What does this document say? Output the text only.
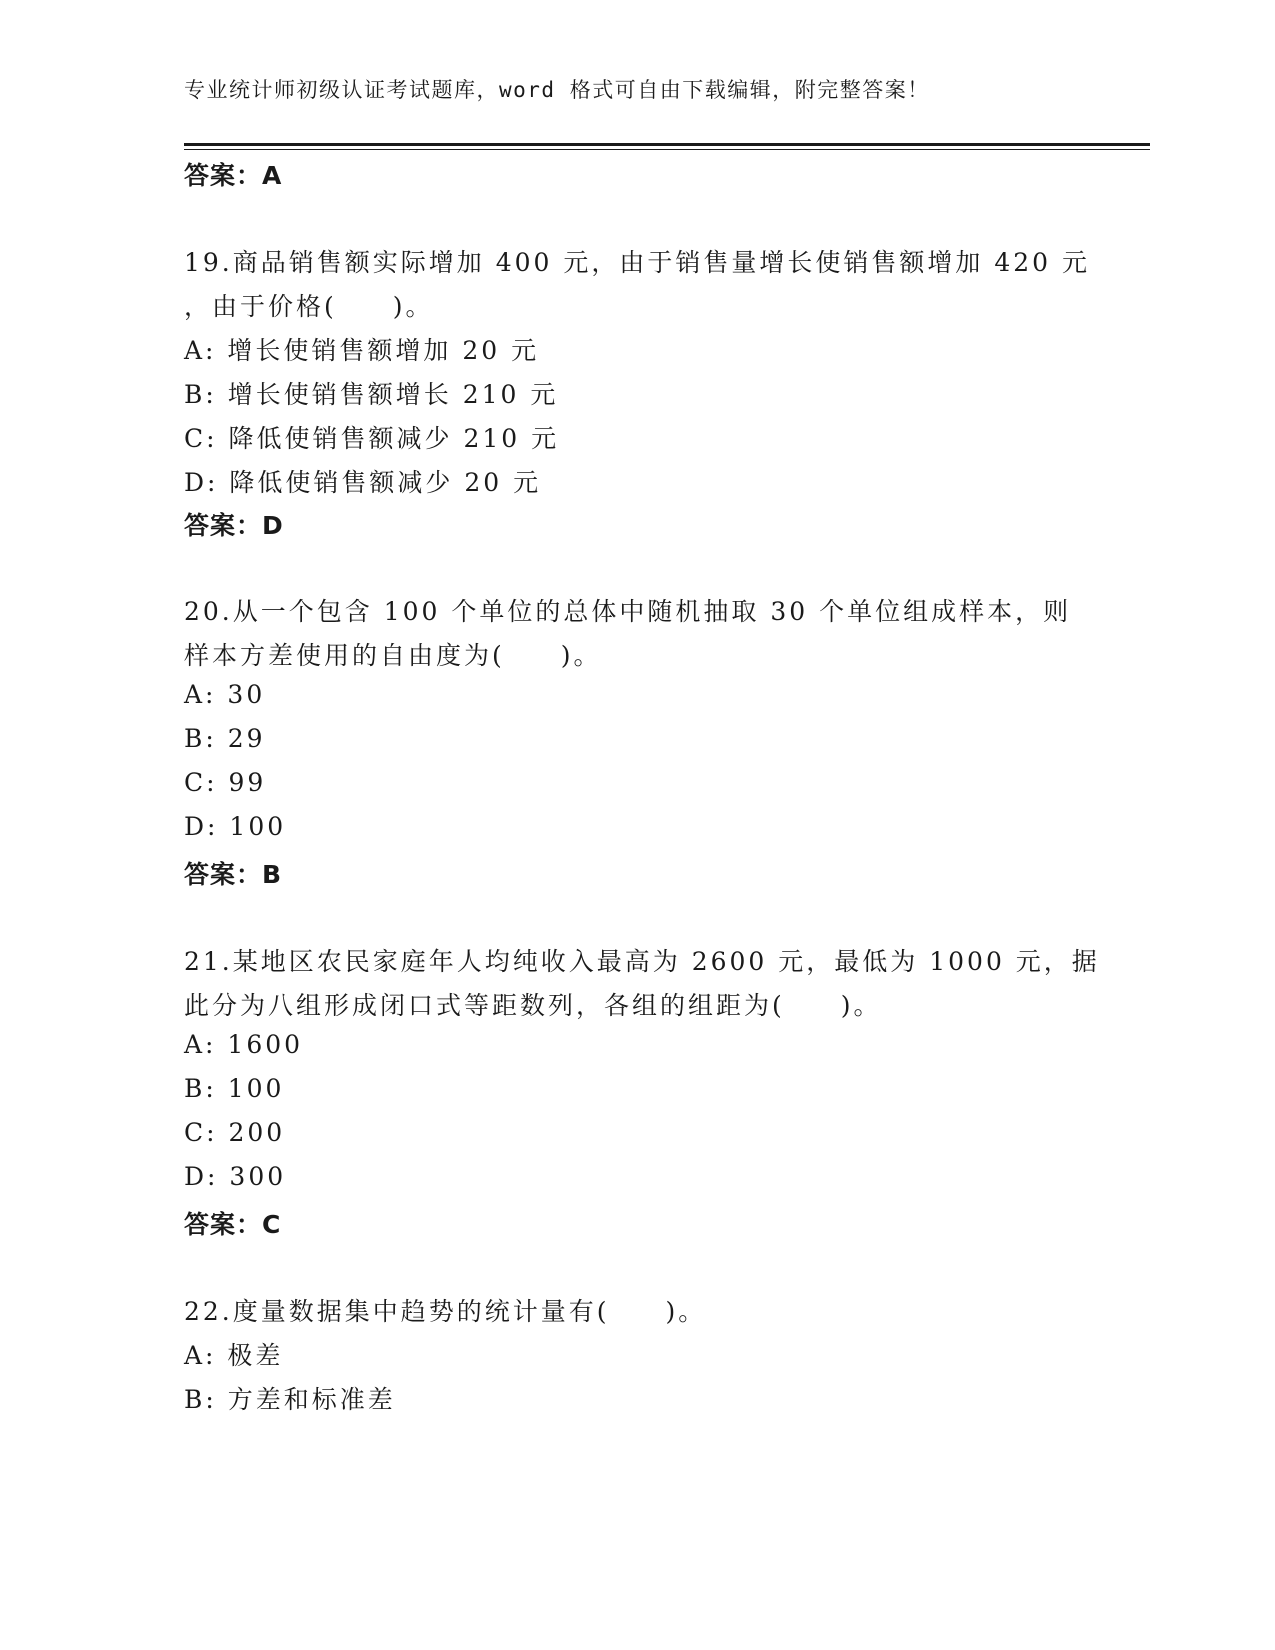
专业统计师初级认证考试题库，word 格式可自由下载编辑，附完整答案！
答案：A
19.商品销售额实际增加 400 元，由于销售量增长使销售额增加 420 元
，由于价格(　　)。
A: 增长使销售额增加 20 元
B: 增长使销售额增长 210 元
C: 降低使销售额减少 210 元
D: 降低使销售额减少 20 元
答案：D
20.从一个包含 100 个单位的总体中随机抽取 30 个单位组成样本，则
样本方差使用的自由度为(　　)。
A: 30
B: 29
C: 99
D: 100
答案：B
21.某地区农民家庭年人均纯收入最高为 2600 元，最低为 1000 元，据
此分为八组形成闭口式等距数列，各组的组距为(　　)。
A: 1600
B: 100
C: 200
D: 300
答案：C
22.度量数据集中趋势的统计量有(　　)。
A: 极差
B: 方差和标准差
